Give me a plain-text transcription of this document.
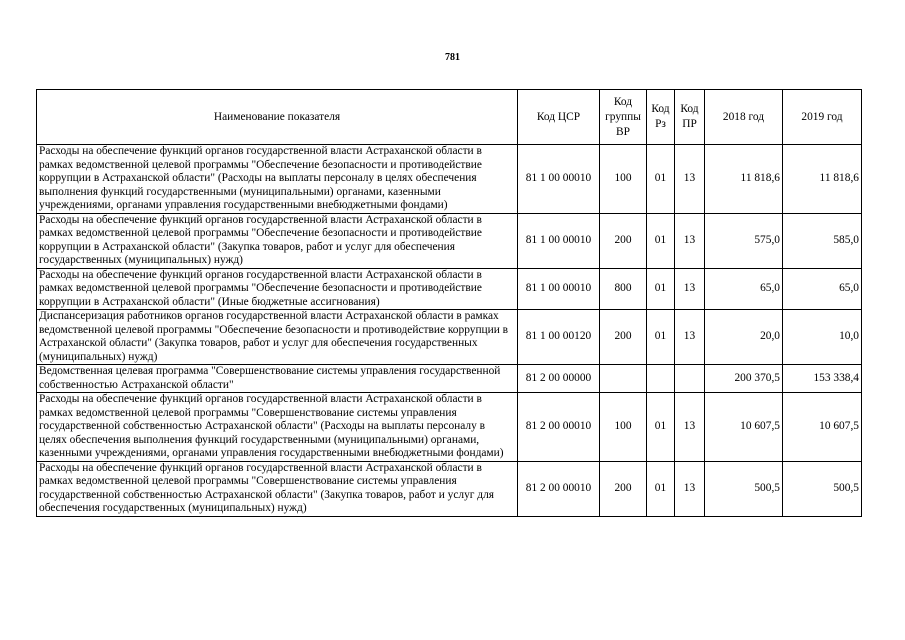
781
Наименование показателя	Код ЦСР	Код группы ВР	Код Рз	Код ПР	2018 год	2019 год
Расходы на обеспечение функций органов государственной власти Астраханской области в рамках ведомственной целевой программы "Обеспечение безопасности и противодействие коррупции в Астраханской области" (Расходы на выплаты персоналу в целях обеспечения выполнения функций государственными (муниципальными) органами, казенными учреждениями, органами управления государственными внебюджетными фондами)	81 1 00 00010	100	01	13	11 818,6	11 818,6
Расходы на обеспечение функций органов государственной власти Астраханской области в рамках ведомственной целевой программы "Обеспечение безопасности и противодействие коррупции в Астраханской области" (Закупка товаров, работ и услуг для обеспечения государственных (муниципальных) нужд)	81 1 00 00010	200	01	13	575,0	585,0
Расходы на обеспечение функций органов государственной власти Астраханской области в рамках ведомственной целевой программы "Обеспечение безопасности и противодействие коррупции в Астраханской области" (Иные бюджетные ассигнования)	81 1 00 00010	800	01	13	65,0	65,0
Диспансеризация работников органов государственной власти Астраханской области в рамках ведомственной целевой программы "Обеспечение безопасности и противодействие коррупции в Астраханской области" (Закупка товаров, работ и услуг для обеспечения государственных (муниципальных) нужд)	81 1 00 00120	200	01	13	20,0	10,0
Ведомственная целевая программа "Совершенствование системы управления государственной собственностью Астраханской области"	81 2 00 00000				200 370,5	153 338,4
Расходы на обеспечение функций органов государственной власти Астраханской области в рамках ведомственной целевой программы "Совершенствование системы управления государственной собственностью Астраханской области" (Расходы на выплаты персоналу в целях обеспечения выполнения функций государственными (муниципальными) органами, казенными учреждениями, органами управления государственными внебюджетными фондами)	81 2 00 00010	100	01	13	10 607,5	10 607,5
Расходы на обеспечение функций органов государственной власти Астраханской области в рамках ведомственной целевой программы "Совершенствование системы управления государственной собственностью Астраханской области" (Закупка товаров, работ и услуг для обеспечения государственных (муниципальных) нужд)	81 2 00 00010	200	01	13	500,5	500,5
